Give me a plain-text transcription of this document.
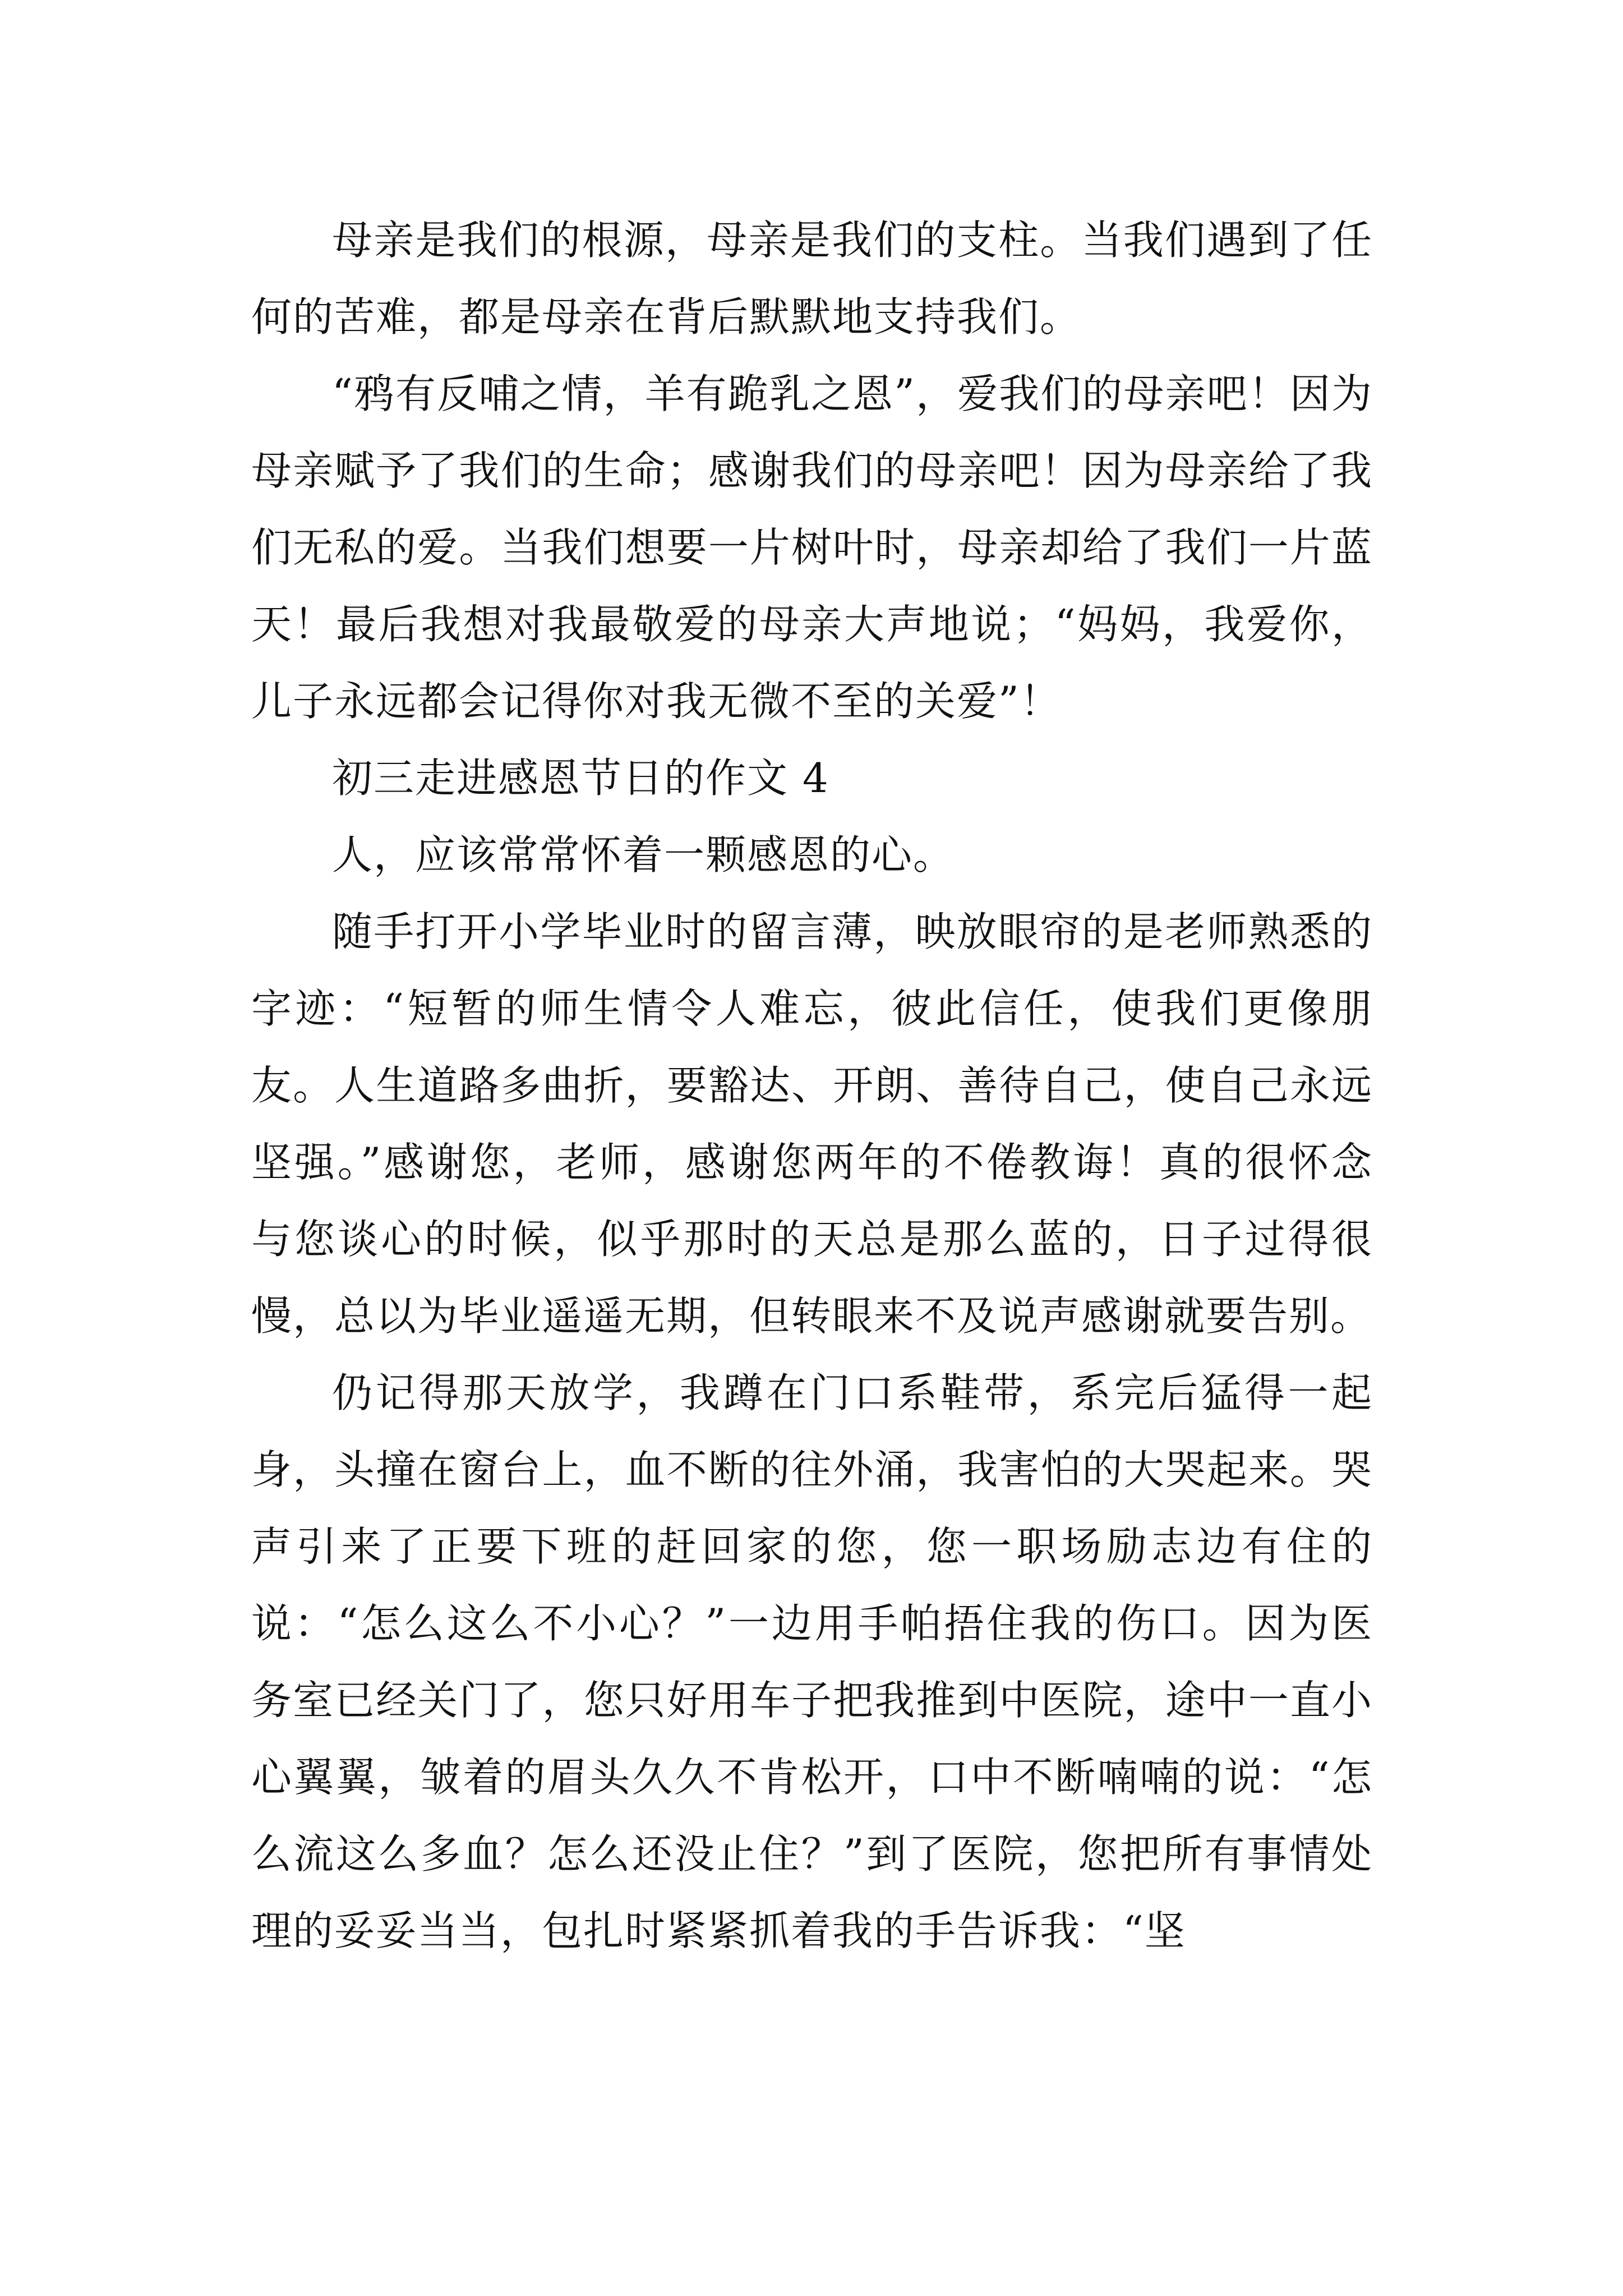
母亲是我们的根源，母亲是我们的支柱。当我们遇到了任何的苦难，都是母亲在背后默默地支持我们。

“鸦有反哺之情，羊有跪乳之恩”，爱我们的母亲吧！因为母亲赋予了我们的生命；感谢我们的母亲吧！因为母亲给了我们无私的爱。当我们想要一片树叶时，母亲却给了我们一片蓝天！最后我想对我最敬爱的母亲大声地说；“妈妈，我爱你，儿子永远都会记得你对我无微不至的关爱”！

初三走进感恩节日的作文 4

人，应该常常怀着一颗感恩的心。

随手打开小学毕业时的留言薄，映放眼帘的是老师熟悉的字迹：“短暂的师生情令人难忘，彼此信任，使我们更像朋友。人生道路多曲折，要豁达、开朗、善待自己，使自己永远坚强。”感谢您，老师，感谢您两年的不倦教诲！真的很怀念与您谈心的时候，似乎那时的天总是那么蓝的，日子过得很慢，总以为毕业遥遥无期，但转眼来不及说声感谢就要告别。

仍记得那天放学，我蹲在门口系鞋带，系完后猛得一起身，头撞在窗台上，血不断的往外涌，我害怕的大哭起来。哭声引来了正要下班的赶回家的您，您一职场励志边有住的说：“怎么这么不小心？”一边用手帕捂住我的伤口。因为医务室已经关门了，您只好用车子把我推到中医院，途中一直小心翼翼，皱着的眉头久久不肯松开，口中不断喃喃的说：“怎么流这么多血？怎么还没止住？”到了医院，您把所有事情处理的妥妥当当，包扎时紧紧抓着我的手告诉我：“坚
